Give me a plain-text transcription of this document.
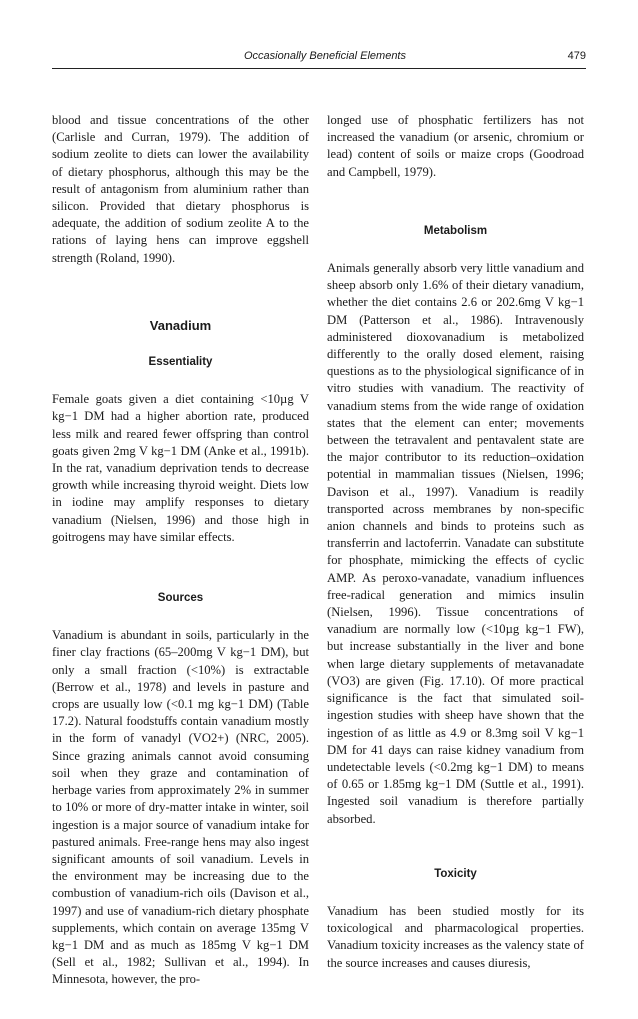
Occasionally Beneficial Elements	479

blood and tissue concentrations of the other (Carlisle and Curran, 1979). The addition of sodium zeolite to diets can lower the availability of dietary phosphorus, although this may be the result of antagonism from aluminium rather than silicon. Provided that dietary phosphorus is adequate, the addition of sodium zeolite A to the rations of laying hens can improve eggshell strength (Roland, 1990).

Vanadium
Essentiality

Female goats given a diet containing <10µg V kg−1 DM had a higher abortion rate, produced less milk and reared fewer offspring than control goats given 2mg V kg−1 DM (Anke et al., 1991b). In the rat, vanadium deprivation tends to decrease growth while increasing thyroid weight. Diets low in iodine may amplify responses to dietary vanadium (Nielsen, 1996) and those high in goitrogens may have similar effects.

Sources

Vanadium is abundant in soils, particularly in the finer clay fractions (65–200mg V kg−1 DM), but only a small fraction (<10%) is extractable (Berrow et al., 1978) and levels in pasture and crops are usually low (<0.1 mg kg−1 DM) (Table 17.2). Natural foodstuffs contain vanadium mostly in the form of vanadyl (VO2+) (NRC, 2005). Since grazing animals cannot avoid consuming soil when they graze and contamination of herbage varies from approximately 2% in summer to 10% or more of dry-matter intake in winter, soil ingestion is a major source of vanadium intake for pastured animals. Free-range hens may also ingest significant amounts of soil vanadium. Levels in the environment may be increasing due to the combustion of vanadium-rich oils (Davison et al., 1997) and use of vanadium-rich dietary phosphate supplements, which contain on average 135mg V kg−1 DM and as much as 185mg V kg−1 DM (Sell et al., 1982; Sullivan et al., 1994). In Minnesota, however, the pro-

longed use of phosphatic fertilizers has not increased the vanadium (or arsenic, chromium or lead) content of soils or maize crops (Goodroad and Campbell, 1979).

Metabolism

Animals generally absorb very little vanadium and sheep absorb only 1.6% of their dietary vanadium, whether the diet contains 2.6 or 202.6mg V kg−1 DM (Patterson et al., 1986). Intravenously administered dioxovanadium is metabolized differently to the orally dosed element, raising questions as to the physiological significance of in vitro studies with vanadium. The reactivity of vanadium stems from the wide range of oxidation states that the element can enter; movements between the tetravalent and pentavalent state are the major contributor to its reduction–oxidation potential in mammalian tissues (Nielsen, 1996; Davison et al., 1997). Vanadium is readily transported across membranes by non-specific anion channels and binds to proteins such as transferrin and lactoferrin. Vanadate can substitute for phosphate, mimicking the effects of cyclic AMP. As peroxo-vanadate, vanadium influences free-radical generation and mimics insulin (Nielsen, 1996). Tissue concentrations of vanadium are normally low (<10µg kg−1 FW), but increase substantially in the liver and bone when large dietary supplements of metavanadate (VO3) are given (Fig. 17.10). Of more practical significance is the fact that simulated soil-ingestion studies with sheep have shown that the ingestion of as little as 4.9 or 8.3mg soil V kg−1 DM for 41 days can raise kidney vanadium from undetectable levels (<0.2mg kg−1 DM) to means of 0.65 or 1.85mg kg−1 DM (Suttle et al., 1991). Ingested soil vanadium is therefore partially absorbed.

Toxicity

Vanadium has been studied mostly for its toxicological and pharmacological properties. Vanadium toxicity increases as the valency state of the source increases and causes diuresis,
